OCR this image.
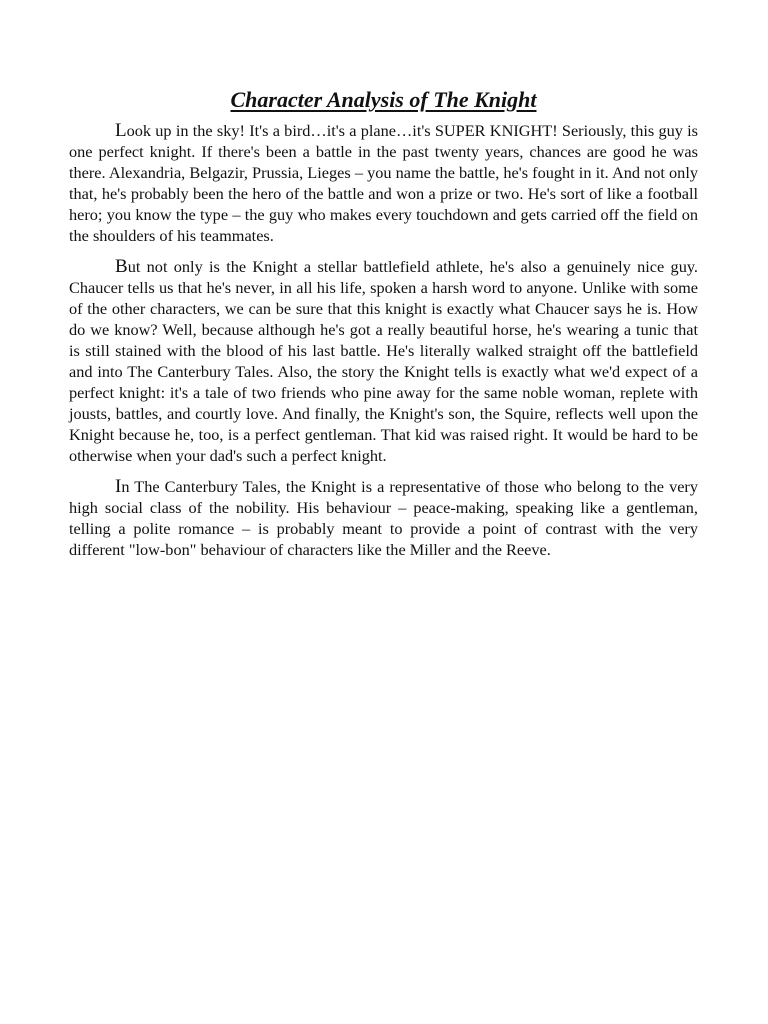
Character Analysis of The Knight

Look up in the sky! It's a bird…it's a plane…it's SUPER KNIGHT! Seriously, this guy is one perfect knight. If there's been a battle in the past twenty years, chances are good he was there. Alexandria, Belgazir, Prussia, Lieges – you name the battle, he's fought in it. And not only that, he's probably been the hero of the battle and won a prize or two. He's sort of like a football hero; you know the type – the guy who makes every touchdown and gets carried off the field on the shoulders of his teammates.

But not only is the Knight a stellar battlefield athlete, he's also a genuinely nice guy. Chaucer tells us that he's never, in all his life, spoken a harsh word to anyone. Unlike with some of the other characters, we can be sure that this knight is exactly what Chaucer says he is. How do we know? Well, because although he's got a really beautiful horse, he's wearing a tunic that is still stained with the blood of his last battle. He's literally walked straight off the battlefield and into The Canterbury Tales. Also, the story the Knight tells is exactly what we'd expect of a perfect knight: it's a tale of two friends who pine away for the same noble woman, replete with jousts, battles, and courtly love. And finally, the Knight's son, the Squire, reflects well upon the Knight because he, too, is a perfect gentleman. That kid was raised right. It would be hard to be otherwise when your dad's such a perfect knight.

In The Canterbury Tales, the Knight is a representative of those who belong to the very high social class of the nobility. His behaviour – peace-making, speaking like a gentleman, telling a polite romance – is probably meant to provide a point of contrast with the very different "low-bon" behaviour of characters like the Miller and the Reeve.
